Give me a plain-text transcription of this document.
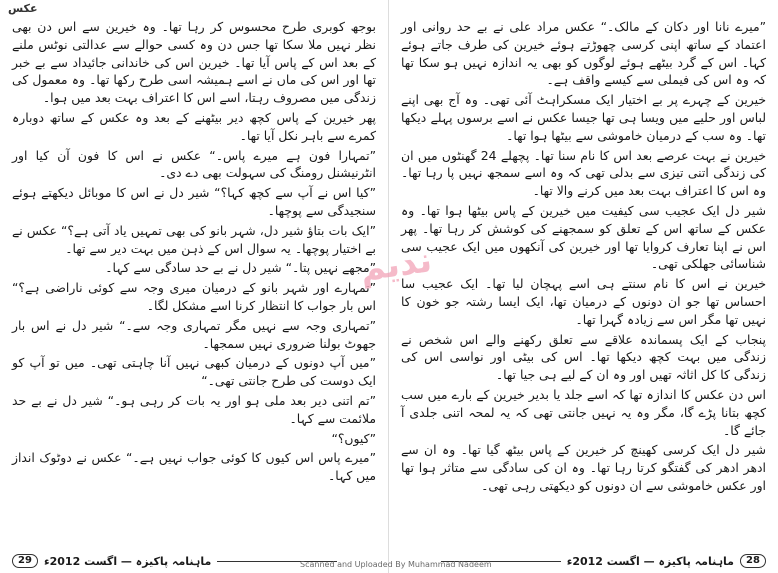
عکس

بوجھ کوبری طرح محسوس کر رہا تھا۔ وہ خیرین سے اس دن بھی نظر نہیں ملا سکا تھا جس دن وہ کسی حوالے سے عدالتی نوٹس ملنے کے بعد اس کے پاس آیا تھا۔ خیرین اس کی خاندانی جائیداد سے بے خبر تھا اور اس کی ماں نے اسے ہمیشہ اسی طرح رکھا تھا۔ وہ معمول کی زندگی میں مصروف رہتا، اسے اس کا اعتراف بہت بعد میں ہوا۔

پھر خیرین کے پاس کچھ دیر بیٹھنے کے بعد وہ عکس کے ساتھ دوبارہ کمرے سے باہر نکل آیا تھا۔

”تمہارا فون ہے میرے پاس۔“ عکس نے اس کا فون آن کیا اور انٹرنیشنل رومنگ کی سہولت بھی دے دی۔

”کیا اس نے آپ سے کچھ کہا؟“ شیر دل نے اس کا موبائل دیکھتے ہوئے سنجیدگی سے پوچھا۔

”ایک بات بتاؤ شیر دل، شہر بانو کی بھی تمہیں یاد آتی ہے؟“ عکس نے بے اختیار پوچھا۔ یہ سوال اس کے ذہن میں بہت دیر سے تھا۔

”مجھے نہیں پتا۔“ شیر دل نے بے حد سادگی سے کہا۔

”تمہارے اور شہر بانو کے درمیان میری وجہ سے کوئی ناراضی ہے؟“ اس بار جواب کا انتظار کرنا اسے مشکل لگا۔

”تمہاری وجہ سے نہیں مگر تمہاری وجہ سے۔“ شیر دل نے اس بار جھوٹ بولنا ضروری نہیں سمجھا۔

”میں آپ دونوں کے درمیان کبھی نہیں آنا چاہتی تھی۔ میں تو آپ کو ایک دوست کی طرح جانتی تھی۔“

”تم اتنی دیر بعد ملی ہو اور یہ بات کر رہی ہو۔“ شیر دل نے بے حد ملائمت سے کہا۔

”کیوں؟“

”میرے پاس اس کیوں کا کوئی جواب نہیں ہے۔“ عکس نے دوٹوک انداز میں کہا۔

29	ماہنامہ پاکیزہ — اگست 2012ء

”میرے نانا اور دکان کے مالک۔“ عکس مراد علی نے بے حد روانی اور اعتماد کے ساتھ اپنی کرسی چھوڑتے ہوئے خیرین کی طرف جاتے ہوئے کہا۔ اس کے گرد بیٹھے ہوئے لوگوں کو بھی یہ اندازہ نہیں ہو سکا تھا کہ وہ اس کی فیملی سے کیسے واقف ہے۔

خیرین کے چہرے پر بے اختیار ایک مسکراہٹ آئی تھی۔ وہ آج بھی اپنے لباس اور حلیے میں ویسا ہی تھا جیسا عکس نے اسے برسوں پہلے دیکھا تھا۔ وہ سب کے درمیان خاموشی سے بیٹھا ہوا تھا۔

خیرین نے بہت عرصے بعد اس کا نام سنا تھا۔ پچھلے 24 گھنٹوں میں ان کی زندگی اتنی تیزی سے بدلی تھی کہ وہ اسے سمجھ نہیں پا رہا تھا۔ وہ اس کا اعتراف بہت بعد میں کرنے والا تھا۔

شیر دل ایک عجیب سی کیفیت میں خیرین کے پاس بیٹھا ہوا تھا۔ وہ عکس کے ساتھ اس کے تعلق کو سمجھنے کی کوشش کر رہا تھا۔ پھر اس نے اپنا تعارف کروایا تھا اور خیرین کی آنکھوں میں ایک عجیب سی شناسائی جھلکی تھی۔

خیرین نے اس کا نام سنتے ہی اسے پہچان لیا تھا۔ ایک عجیب سا احساس تھا جو ان دونوں کے درمیان تھا، ایک ایسا رشتہ جو خون کا نہیں تھا مگر اس سے زیادہ گہرا تھا۔

پنجاب کے ایک پسماندہ علاقے سے تعلق رکھنے والے اس شخص نے زندگی میں بہت کچھ دیکھا تھا۔ اس کی بیٹی اور نواسی اس کی زندگی کا کل اثاثہ تھیں اور وہ ان کے لیے ہی جیا تھا۔

اس دن عکس کا اندازہ تھا کہ اسے جلد یا بدیر خیرین کے بارے میں سب کچھ بتانا پڑے گا، مگر وہ یہ نہیں جانتی تھی کہ یہ لمحہ اتنی جلدی آ جائے گا۔

شیر دل ایک کرسی کھینچ کر خیرین کے پاس بیٹھ گیا تھا۔ وہ ان سے ادھر ادھر کی گفتگو کرتا رہا تھا۔ وہ ان کی سادگی سے متاثر ہوا تھا اور عکس خاموشی سے ان دونوں کو دیکھتی رہی تھی۔

ماہنامہ پاکیزہ — اگست 2012ء	28
ندیم
Scanned and Uploaded By Muhammad Nadeem
